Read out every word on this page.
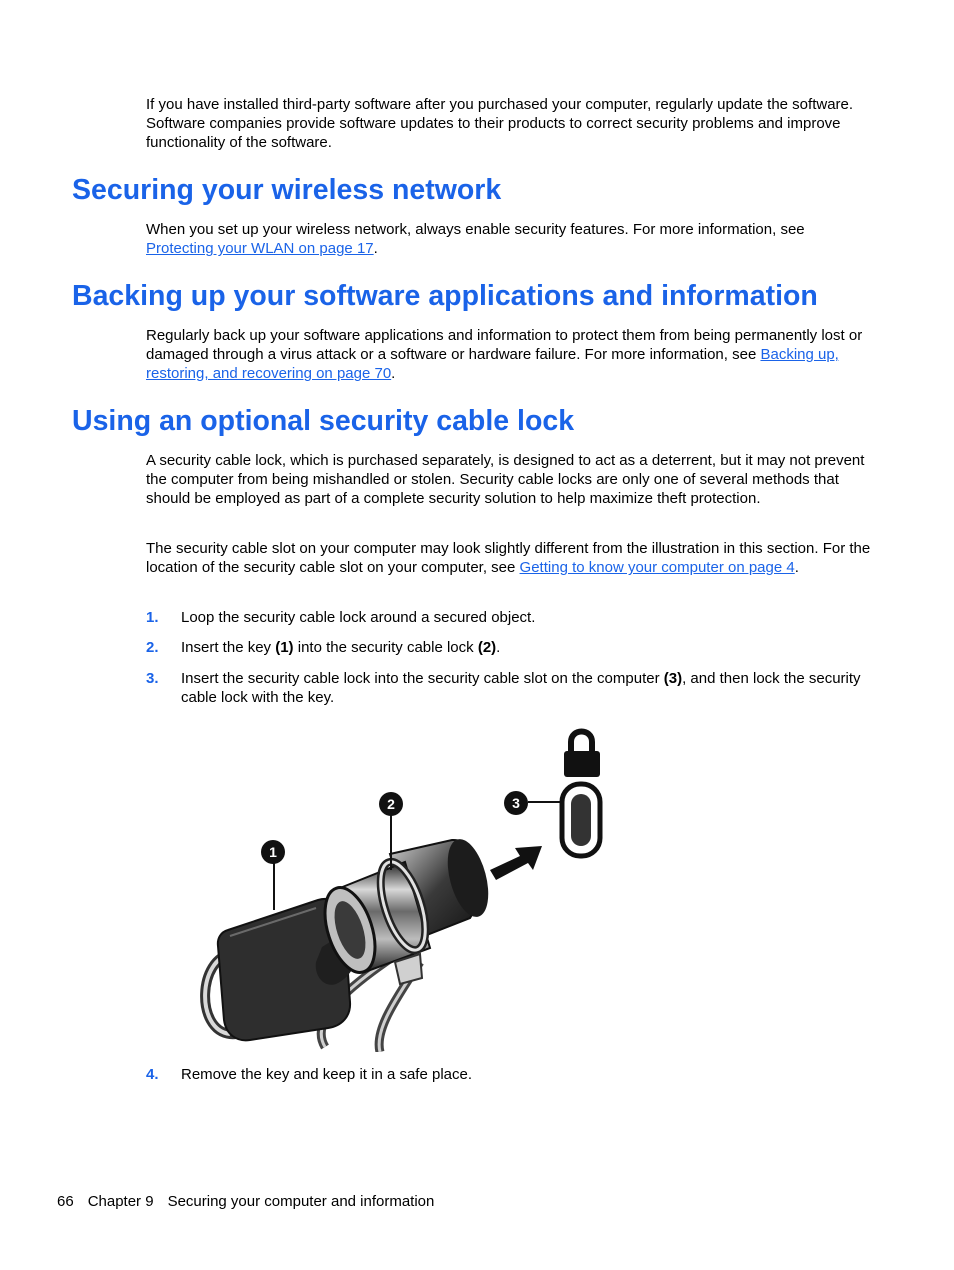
If you have installed third-party software after you purchased your computer, regularly update the software. Software companies provide software updates to their products to correct security problems and improve functionality of the software.

Securing your wireless network

When you set up your wireless network, always enable security features. For more information, see Protecting your WLAN on page 17.

Backing up your software applications and information

Regularly back up your software applications and information to protect them from being permanently lost or damaged through a virus attack or a software or hardware failure. For more information, see Backing up, restoring, and recovering on page 70.

Using an optional security cable lock

A security cable lock, which is purchased separately, is designed to act as a deterrent, but it may not prevent the computer from being mishandled or stolen. Security cable locks are only one of several methods that should be employed as part of a complete security solution to help maximize theft protection.

The security cable slot on your computer may look slightly different from the illustration in this section. For the location of the security cable slot on your computer, see Getting to know your computer on page 4.

1. Loop the security cable lock around a secured object.
2. Insert the key (1) into the security cable lock (2).
3. Insert the security cable lock into the security cable slot on the computer (3), and then lock the security cable lock with the key.
1
2	3
4. Remove the key and keep it in a safe place.
66 Chapter 9 Securing your computer and information
